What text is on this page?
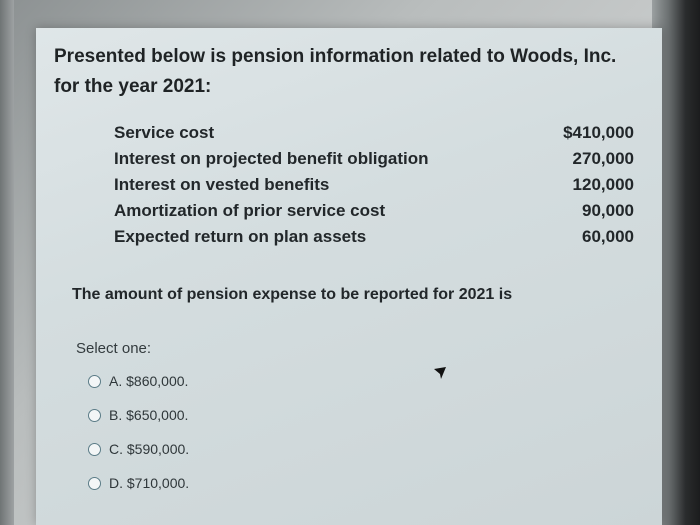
Presented below is pension information related to Woods, Inc. for the year 2021:

Service cost	$410,000
Interest on projected benefit obligation	270,000
Interest on vested benefits	120,000
Amortization of prior service cost	90,000
Expected return on plan assets	60,000
The amount of pension expense to be reported for 2021 is
Select one:
A. $860,000.
B. $650,000.
C. $590,000.
D. $710,000.
